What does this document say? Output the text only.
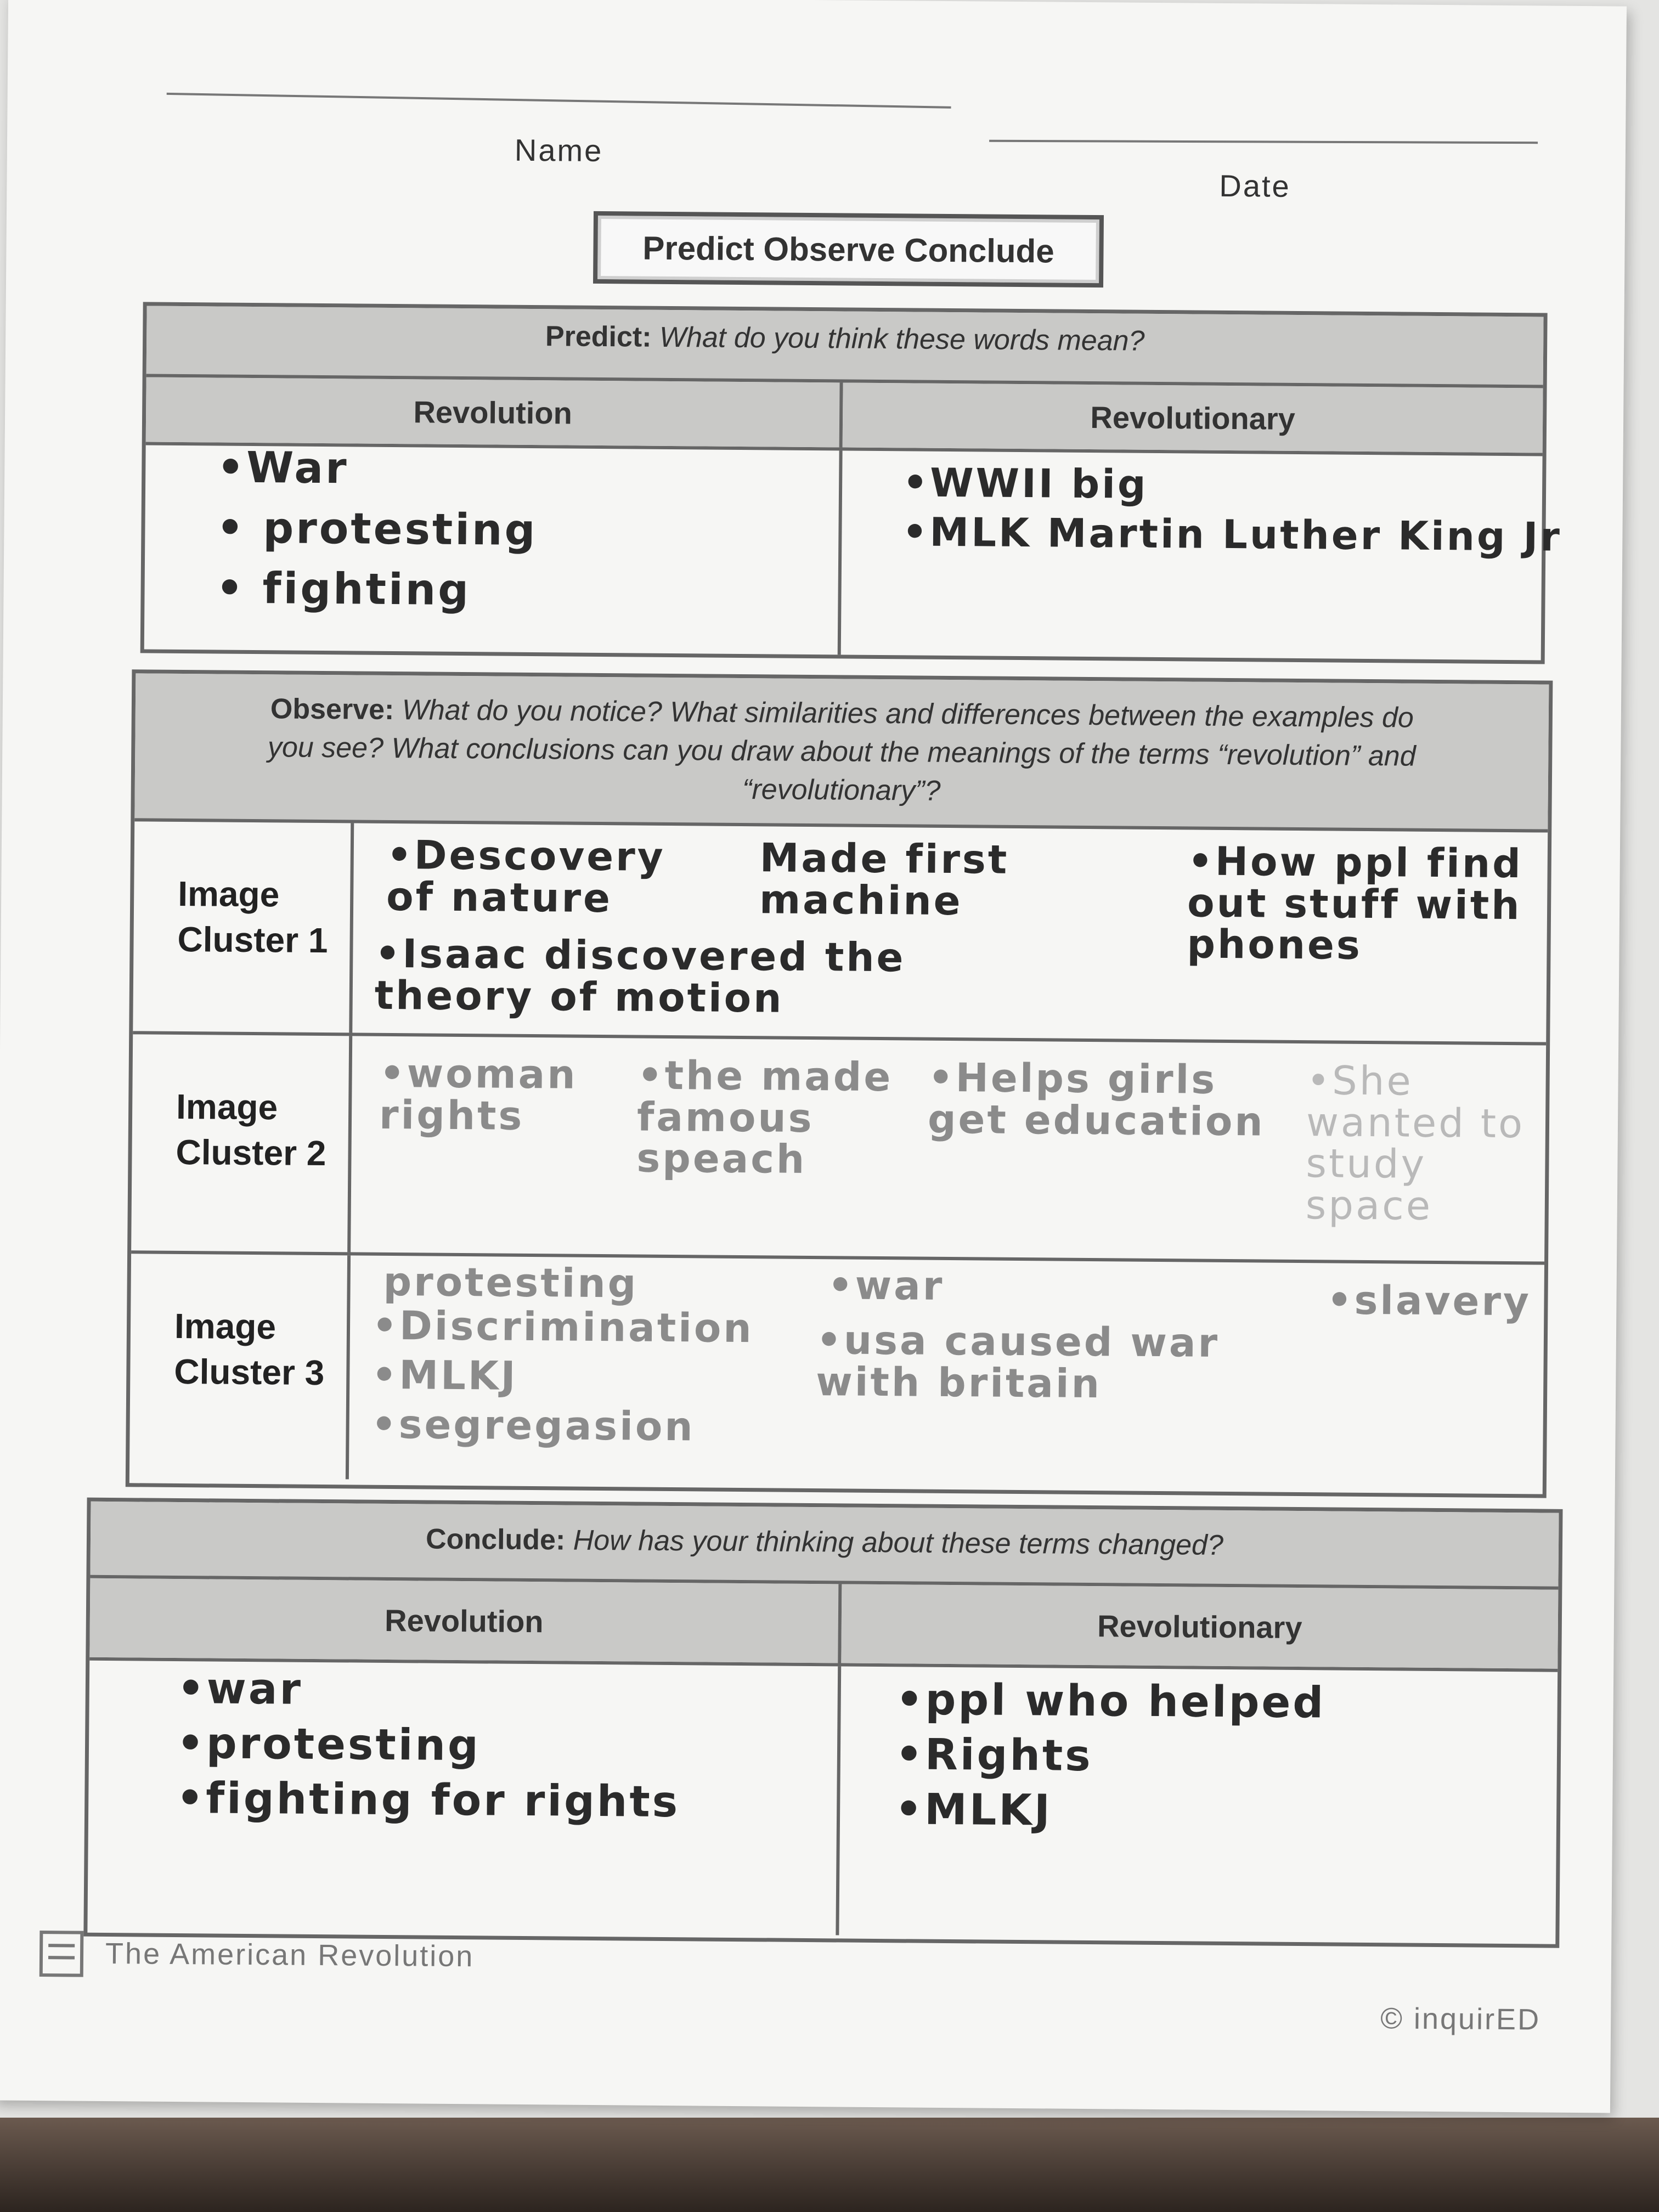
Name
Date
Predict Observe Conclude
Predict: What do you think these words mean?
Revolution	Revolutionary
•War
• protesting
• fighting
•WWII big
•MLK Martin Luther King Jr
Observe: What do you notice? What similarities and differences between the examples do you see? What conclusions can you draw about the meanings of the terms “revolution” and “revolutionary”?
Image Cluster 1
•Descovery of nature
•Isaac discovered the theory of motion
Made first machine
•How ppl find out stuff with phones
Image Cluster 2
•woman rights
•the made famous speach
•Helps girls get education
•She wanted to study space
Image Cluster 3
protesting
•Discrimination
•MLKJ
•segregasion
•war
•usa caused war with britain
•slavery
Conclude: How has your thinking about these terms changed?
Revolution	Revolutionary
•war
•protesting
•fighting for rights
•ppl who helped
•Rights
•MLKJ
The American Revolution
© inquirED
